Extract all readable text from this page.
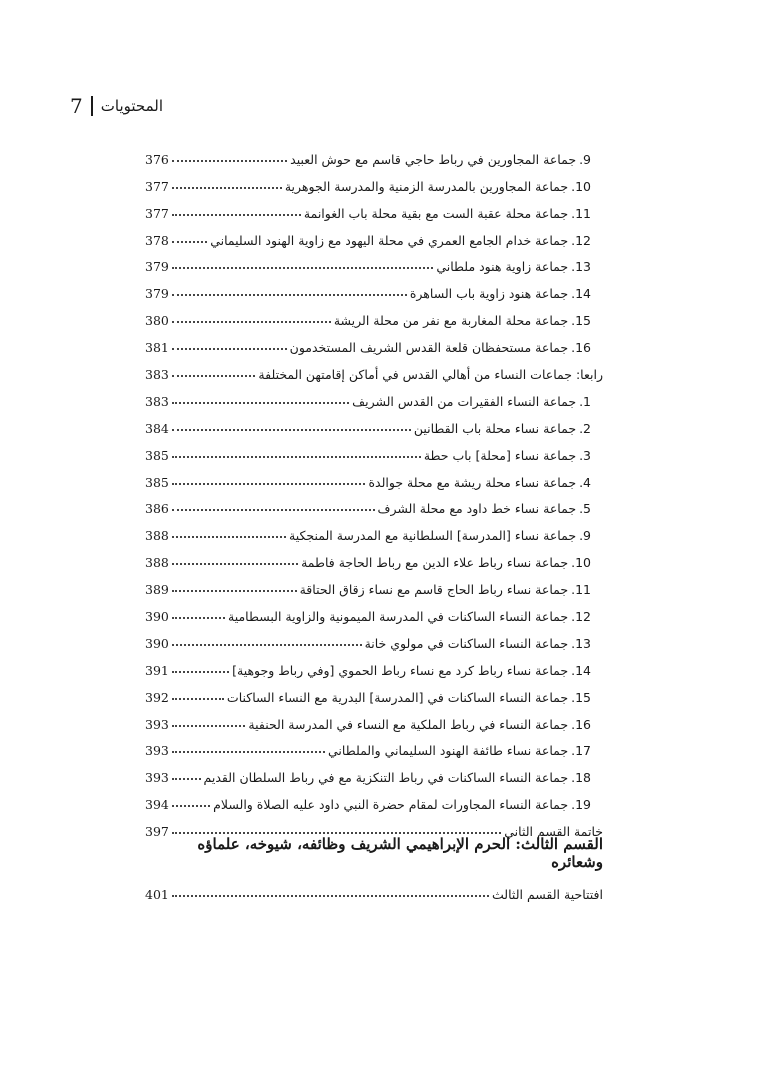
المحتويات
7
9.جماعة المجاورين في رباط حاجي قاسم مع حوش العبيد
376
10.جماعة المجاورين بالمدرسة الزمنية والمدرسة الجوهرية
377
11.جماعة محلة عقبة الست مع بقية محلة باب الغوانمة
377
12.جماعة خدام الجامع العمري في محلة اليهود مع زاوية الهنود السليماني
378
13.جماعة زاوية هنود ملطاني
379
14.جماعة هنود زاوية باب الساهرة
379
15.جماعة محلة المغاربة مع نفر من محلة الريشة
380
16.جماعة مستحفظان قلعة القدس الشريف المستخدمون
381
رابعا: جماعات النساء من أهالي القدس في أماكن إقامتهن المختلفة
383
1.جماعة النساء الفقيرات من القدس الشريف
383
2.جماعة نساء محلة باب القطانين
384
3.جماعة نساء [محلة] باب حطة
385
4.جماعة نساء محلة ريشة مع محلة جوالدة
385
5.جماعة نساء خط داود مع محلة الشرف
386
9.جماعة نساء [المدرسة] السلطانية مع المدرسة المنجكية
388
10.جماعة نساء رباط علاء الدين مع رباط الحاجة فاطمة
388
11.جماعة نساء رباط الحاج قاسم مع نساء زقاق الحتاقة
389
12.جماعة النساء الساكنات في المدرسة الميمونية والزاوية البسطامية
390
13.جماعة النساء الساكنات في مولوي خانة
390
14.جماعة نساء رباط كرد مع نساء رباط الحموي [وفي رباط وجوهية]
391
15.جماعة النساء الساكنات في [المدرسة] البدرية مع النساء الساكنات
392
16.جماعة النساء في رباط الملكية مع النساء في المدرسة الحنفية
393
17.جماعة نساء طائفة الهنود السليماني والملطاني
393
18.جماعة النساء الساكنات في رباط التنكزية مع في رباط السلطان القديم
393
19.جماعة النساء المجاورات لمقام حضرة النبي داود عليه الصلاة والسلام
394
خاتمة القسم الثاني
397
القسم الثالث: الحرم الإبراهيمي الشريف وظائفه، شيوخه، علماؤه وشعائره
افتتاحية القسم الثالث
401
